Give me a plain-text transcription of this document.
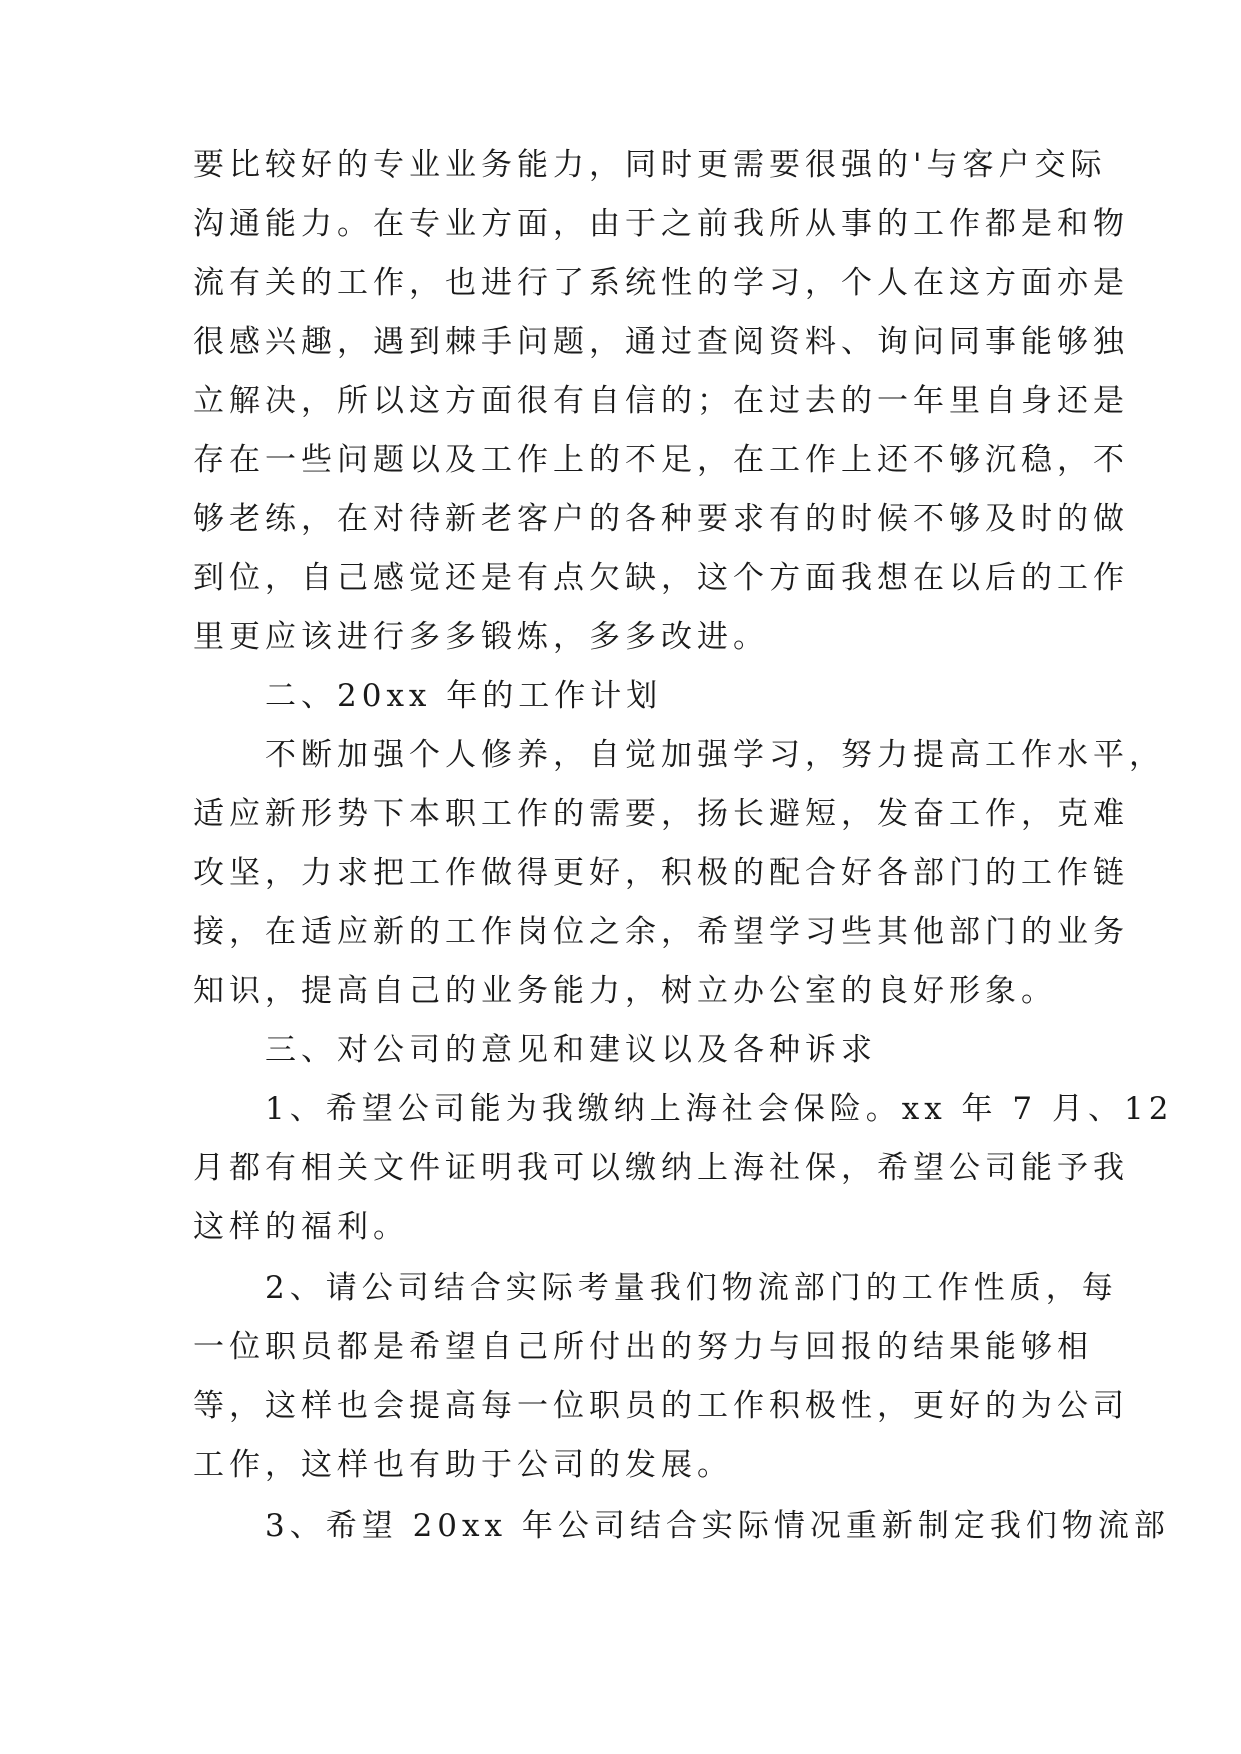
要比较好的专业业务能力，同时更需要很强的'与客户交际

沟通能力。在专业方面，由于之前我所从事的工作都是和物

流有关的工作，也进行了系统性的学习，个人在这方面亦是

很感兴趣，遇到棘手问题，通过查阅资料、询问同事能够独

立解决，所以这方面很有自信的；在过去的一年里自身还是

存在一些问题以及工作上的不足，在工作上还不够沉稳，不

够老练，在对待新老客户的各种要求有的时候不够及时的做

到位，自己感觉还是有点欠缺，这个方面我想在以后的工作

里更应该进行多多锻炼，多多改进。

　　二、20xx 年的工作计划

　　不断加强个人修养，自觉加强学习，努力提高工作水平，

适应新形势下本职工作的需要，扬长避短，发奋工作，克难

攻坚，力求把工作做得更好，积极的配合好各部门的工作链

接，在适应新的工作岗位之余，希望学习些其他部门的业务

知识，提高自己的业务能力，树立办公室的良好形象。

　　三、对公司的意见和建议以及各种诉求

　　1、希望公司能为我缴纳上海社会保险。xx 年 7 月、12

月都有相关文件证明我可以缴纳上海社保，希望公司能予我

这样的福利。

　　2、请公司结合实际考量我们物流部门的工作性质，每

一位职员都是希望自己所付出的努力与回报的结果能够相

等，这样也会提高每一位职员的工作积极性，更好的为公司

工作，这样也有助于公司的发展。

　　3、希望 20xx 年公司结合实际情况重新制定我们物流部
